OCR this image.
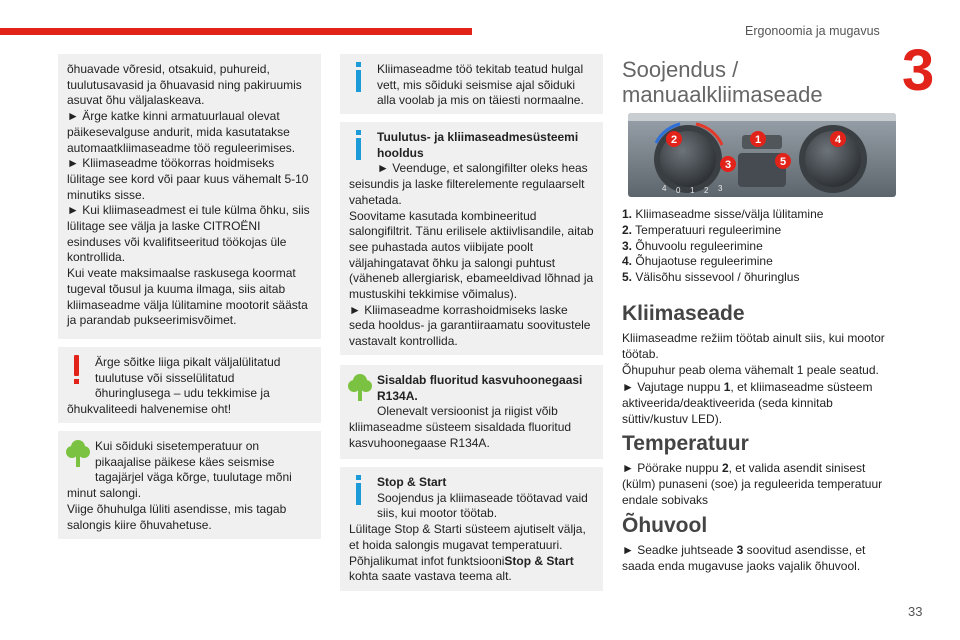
Ergonoomia ja mugavus
3
33

õhuavade võresid, otsakuid, puhureid, tuulutusavasid ja õhuavasid ning pakiruumis asuvat õhu väljalaskeava.
► Ärge katke kinni armatuurlaual olevat päikesevalguse andurit, mida kasutatakse automaatkliimaseadme töö reguleerimises.
► Kliimaseadme töökorras hoidmiseks lülitage see kord või paar kuus vähemalt 5-10 minutiks sisse.
► Kui kliimaseadmest ei tule külma õhku, siis lülitage see välja ja laske CITROËNI esinduses või kvalifitseeritud töökojas üle kontrollida.
Kui veate maksimaalse raskusega koormat tugeval tõusul ja kuuma ilmaga, siis aitab kliimaseadme välja lülitamine mootorit säästa ja parandab pukseerimisvõimet.

Ärge sõitke liiga pikalt väljalülitatud tuulutuse või sisselülitatud õhuringlusega – udu tekkimise ja õhukvaliteedi halvenemise oht!

Kui sõiduki sisetemperatuur on pikaajalise päikese käes seismise tagajärjel väga kõrge, tuulutage mõni minut salongi.
Viige õhuhulga lüliti asendisse, mis tagab salongis kiire õhuvahetuse.

Kliimaseadme töö tekitab teatud hulgal vett, mis sõiduki seismise ajal sõiduki alla voolab ja mis on täiesti normaalne.

Tuulutus- ja kliimaseadmesüsteemi hooldus

► Veenduge, et salongifilter oleks heas seisundis ja laske filterelemente regulaarselt vahetada.
Soovitame kasutada kombineeritud salongifiltrit. Tänu erilisele aktiivlisandile, aitab see puhastada autos viibijate poolt väljahingatavat õhku ja salongi puhtust (väheneb allergiarisk, ebameeldivad lõhnad ja mustuskihi tekkimise võimalus).
► Kliimaseadme korrashoidmiseks laske seda hooldus- ja garantiiraamatu soovitustele vastavalt kontrollida.

Sisaldab fluoritud kasvuhoonegaasi R134A.

Olenevalt versioonist ja riigist võib kliimaseadme süsteem sisaldada fluoritud kasvuhoonegaase R134A.

Stop & Start

Soojendus ja kliimaseade töötavad vaid siis, kui mootor töötab.
Lülitage Stop & Starti süsteem ajutiselt välja, et hoida salongis mugavat temperatuuri.
Põhjalikumat infot funktsiooniStop & Start kohta saate vastava teema alt.

Soojendus / manuaalkliimaseade
0 1 2 3
4
2	1
3
4
5
1. Kliimaseadme sisse/välja lülitamine
2. Temperatuuri reguleerimine
3. Õhuvoolu reguleerimine
4. Õhujaotuse reguleerimine
5. Välisõhu sissevool / õhuringlus
Kliimaseade

Kliimaseadme režiim töötab ainult siis, kui mootor töötab.
Õhupuhur peab olema vähemalt 1 peale seatud.
► Vajutage nuppu 1, et kliimaseadme süsteem aktiveerida/deaktiveerida (seda kinnitab süttiv/kustuv LED).

Temperatuur

► Pöörake nuppu 2, et valida asendit sinisest (külm) punaseni (soe) ja reguleerida temperatuur endale sobivaks

Õhuvool

► Seadke juhtseade 3 soovitud asendisse, et saada enda mugavuse jaoks vajalik õhuvool.
